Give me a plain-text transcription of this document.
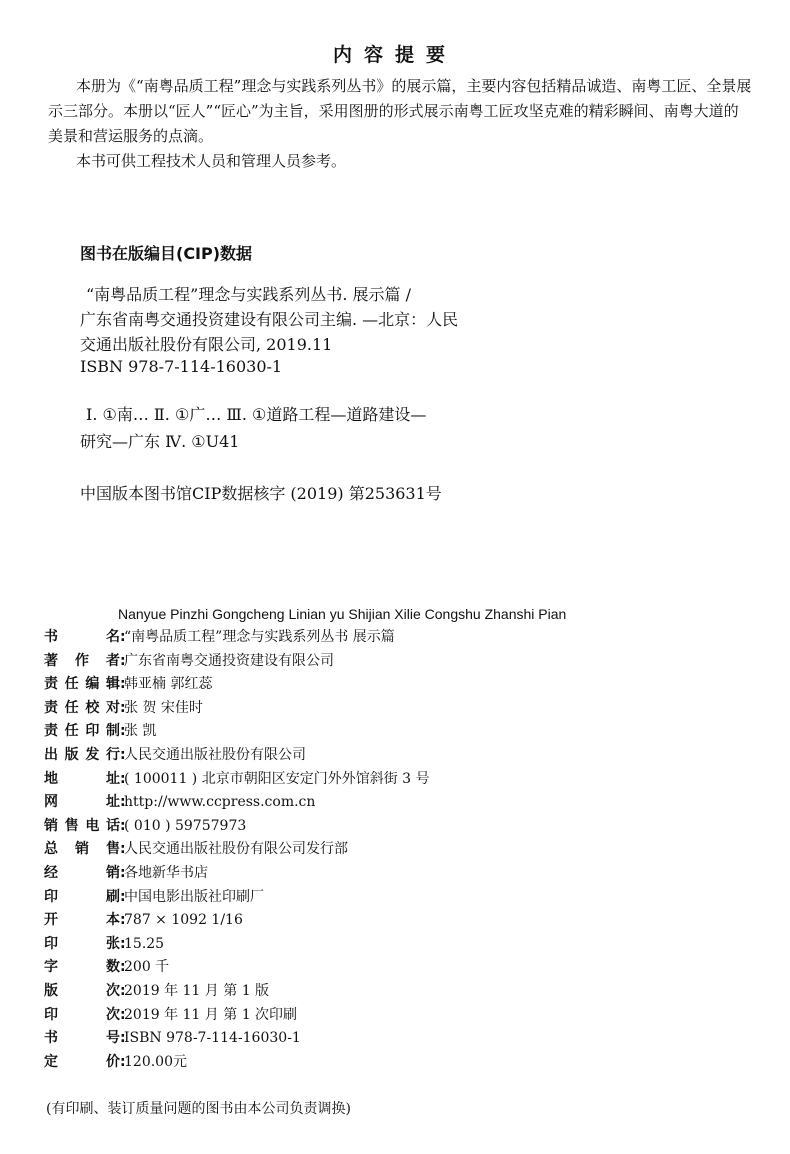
内容提要
本册为《“南粤品质工程”理念与实践系列丛书》的展示篇，主要内容包括精品诚造、南粤工匠、全景展示三部分。本册以“匠人”“匠心”为主旨，采用图册的形式展示南粤工匠攻坚克难的精彩瞬间、南粤大道的美景和营运服务的点滴。
本书可供工程技术人员和管理人员参考。
图书在版编目(CIP)数据
“南粤品质工程”理念与实践系列丛书. 展示篇 /
广东省南粤交通投资建设有限公司主编. —北京：人民
交通出版社股份有限公司, 2019.11
ISBN 978-7-114-16030-1
Ⅰ. ①南… Ⅱ. ①广… Ⅲ. ①道路工程—道路建设—
研究—广东 Ⅳ. ①U41
中国版本图书馆CIP数据核字 (2019) 第253631号
Nanyue Pinzhi Gongcheng Linian yu Shijian Xilie Congshu Zhanshi Pian
书名 :
“南粤品质工程”理念与实践系列丛书 展示篇
著作者 :
广东省南粤交通投资建设有限公司
责任编辑 :
韩亚楠 郭红蕊
责任校对 :
张 贺 宋佳时
责任印制 :
张 凯
出版发行 :
人民交通出版社股份有限公司
地址 :
( 100011 ) 北京市朝阳区安定门外外馆斜街 3 号
网址 :
http://www.ccpress.com.cn
销售电话 :
( 010 ) 59757973
总销售 :
人民交通出版社股份有限公司发行部
经销 :
各地新华书店
印刷 :
中国电影出版社印刷厂
开本 :
787 × 1092 1/16
印张 :
15.25
字数 :
200 千
版次 :
2019 年 11 月 第 1 版
印次 :
2019 年 11 月 第 1 次印刷
书号 :
ISBN 978-7-114-16030-1
定价 :
120.00元
(有印刷、装订质量问题的图书由本公司负责调换)
